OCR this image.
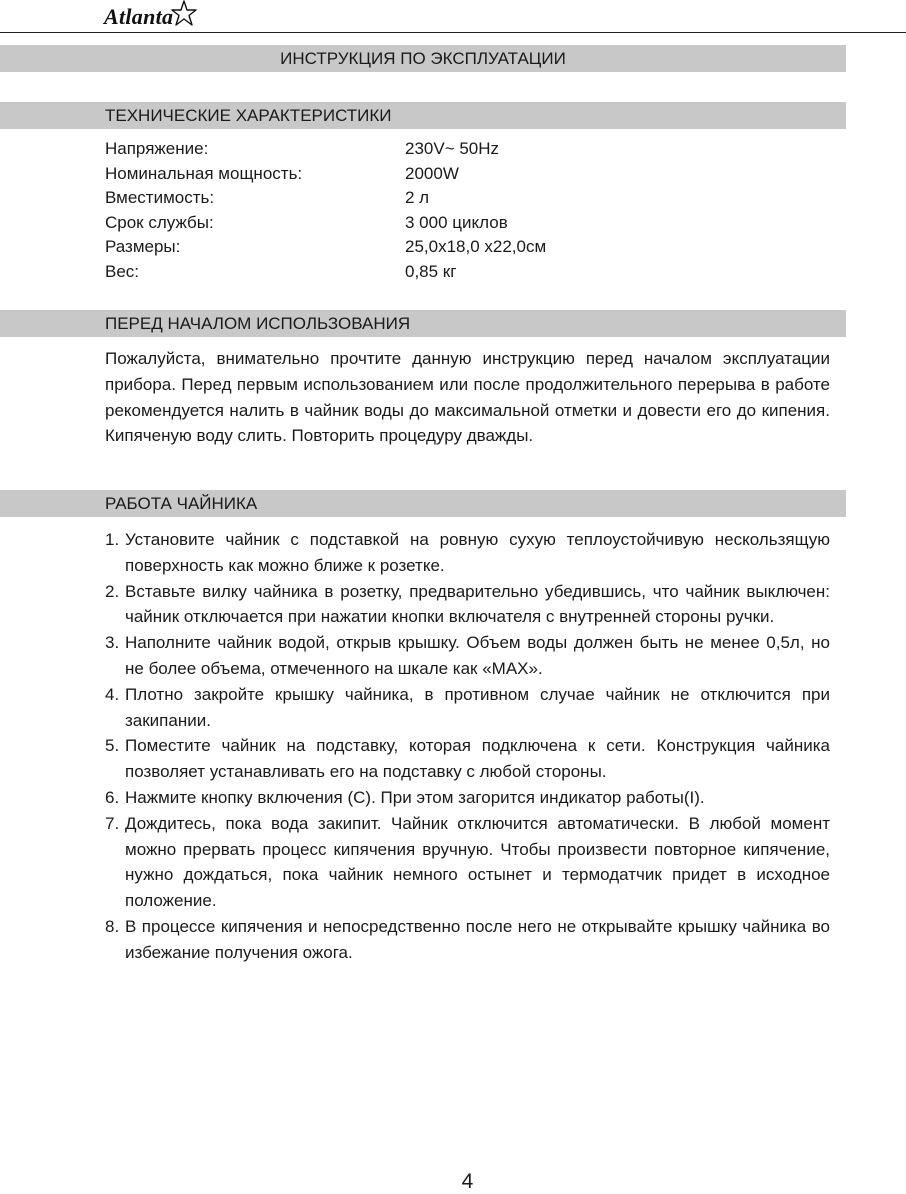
Atlanta
ИНСТРУКЦИЯ ПО ЭКСПЛУАТАЦИИ
ТЕХНИЧЕСКИЕ ХАРАКТЕРИСТИКИ
Напряжение:	230V~ 50Hz
Номинальная мощность:	2000W
Вместимость:	2 л
Срок службы:	3 000 циклов
Размеры:	25,0х18,0 х22,0см
Вес:	0,85 кг
ПЕРЕД НАЧАЛОМ ИСПОЛЬЗОВАНИЯ
Пожалуйста, внимательно прочтите данную инструкцию перед началом эксплуатации прибора. Перед первым использованием или после продолжительного перерыва в работе рекомендуется налить в чайник воды до максимальной отметки и довести его до кипения. Кипяченую воду слить. Повторить процедуру дважды.
РАБОТА ЧАЙНИКА
1. Установите чайник с подставкой на ровную сухую теплоустойчивую нескользящую поверхность как можно ближе к розетке.
2. Вставьте вилку чайника в розетку, предварительно убедившись, что чайник выключен: чайник отключается при нажатии кнопки включателя с внутренней стороны ручки.
3. Наполните чайник водой, открыв крышку. Объем воды должен быть не менее 0,5л, но не более объема, отмеченного на шкале как «MAX».
4. Плотно закройте крышку чайника, в противном случае чайник не отключится при закипании.
5. Поместите чайник на подставку, которая подключена к сети. Конструкция чайника позволяет устанавливать его на подставку с любой стороны.
6. Нажмите кнопку включения (С). При этом загорится индикатор работы(I).
7. Дождитесь, пока вода закипит. Чайник отключится автоматически. В любой момент можно прервать процесс кипячения вручную. Чтобы произвести повторное кипячение, нужно дождаться, пока чайник немного остынет и термодатчик придет в исходное положение.
8. В процессе кипячения и непосредственно после него не открывайте крышку чайника во избежание получения ожога.
4
